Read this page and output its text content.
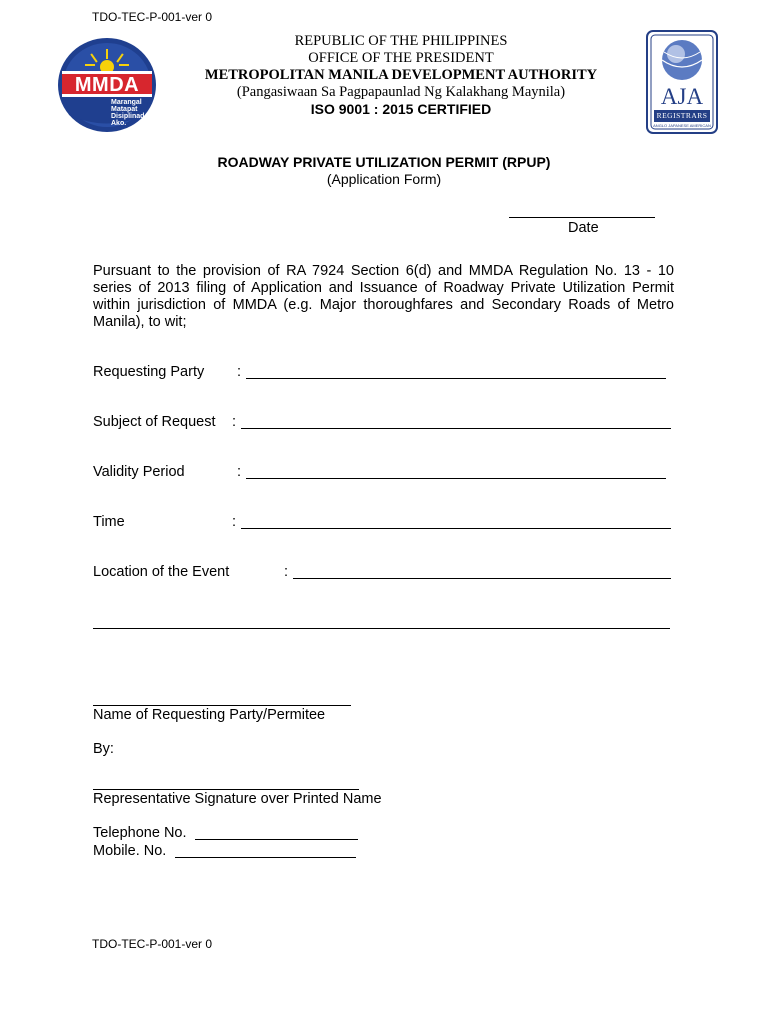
TDO-TEC-P-001-ver 0
MMDA
Marangal
Matapat
Disiplinado
Ako.
AJA
REGISTRARS
ANGLO JAPANESE AMERICAN
REPUBLIC OF THE PHILIPPINES
OFFICE OF THE PRESIDENT
METROPOLITAN MANILA DEVELOPMENT AUTHORITY
(Pangasiwaan Sa Pagpapaunlad Ng Kalakhang Maynila)
ISO 9001 : 2015 CERTIFIED
ROADWAY PRIVATE UTILIZATION PERMIT (RPUP)
(Application Form)
Date
Pursuant to the provision of RA 7924 Section 6(d) and MMDA Regulation No. 13 - 10 series of 2013 filing of Application and Issuance of Roadway Private Utilization Permit within jurisdiction of MMDA (e.g. Major thoroughfares and Secondary Roads of Metro Manila), to wit;
Requesting Party :
Subject of Request :
Validity Period	:
Time	:
Location of the Event	:
Name of Requesting Party/Permitee
By:
Representative Signature over Printed Name
Telephone No.
Mobile. No.
TDO-TEC-P-001-ver 0
